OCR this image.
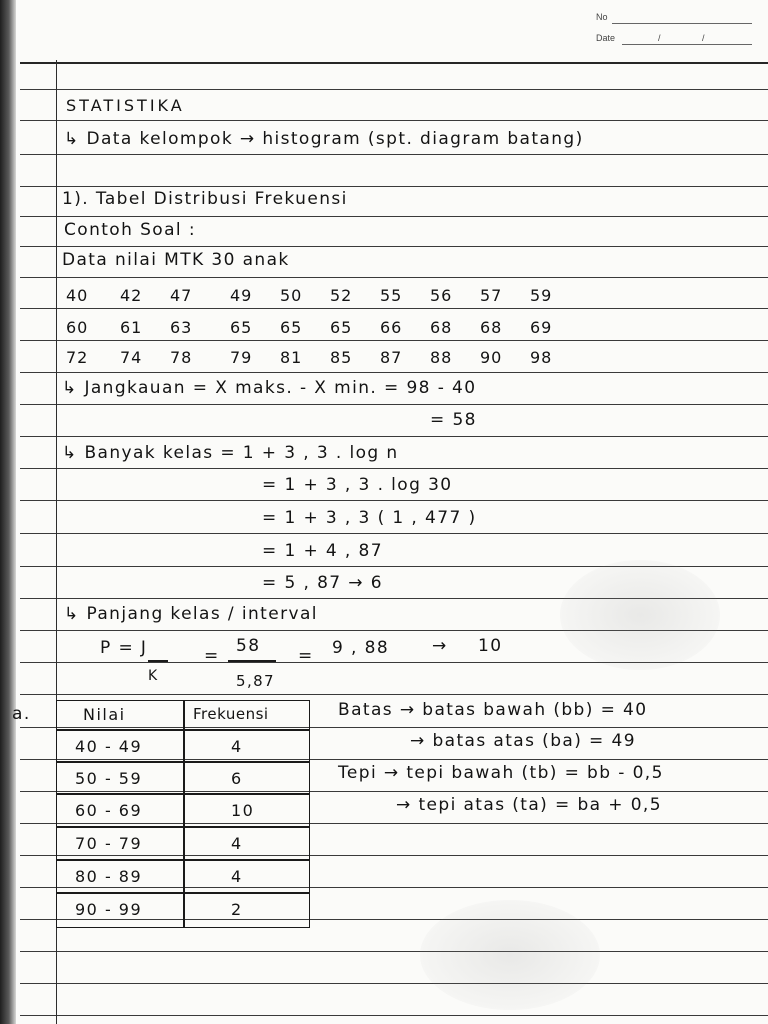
No
Date	/	/
STATISTIKA
↳ Data kelompok → histogram (spt. diagram batang)
1). Tabel Distribusi Frekuensi
Contoh Soal :
Data nilai MTK 30 anak
40 42 47 49 50 52 55 56 57 59
60 61 63 65 65 65 66 68 68 69
72 74 78 79 81 85 87 88 90 98
↳ Jangkauan = X maks. - X min. = 98 - 40
= 58
↳ Banyak kelas = 1 + 3 , 3 . log n
= 1 + 3 , 3 . log 30
= 1 + 3 , 3 ( 1 , 477 )
= 1 + 4 , 87
= 5 , 87 → 6
↳ Panjang kelas / interval
P = J
K
= 58
5,87
= 9 , 88	→ 10
a.	Nilai	Frekuensi
40 - 49	4
50 - 59	6
60 - 69	10
70 - 79	4
80 - 89	4
90 - 99	2
Batas → batas bawah (bb) = 40
→ batas atas (ba) = 49
Tepi → tepi bawah (tb) = bb - 0,5
→ tepi atas (ta) = ba + 0,5
